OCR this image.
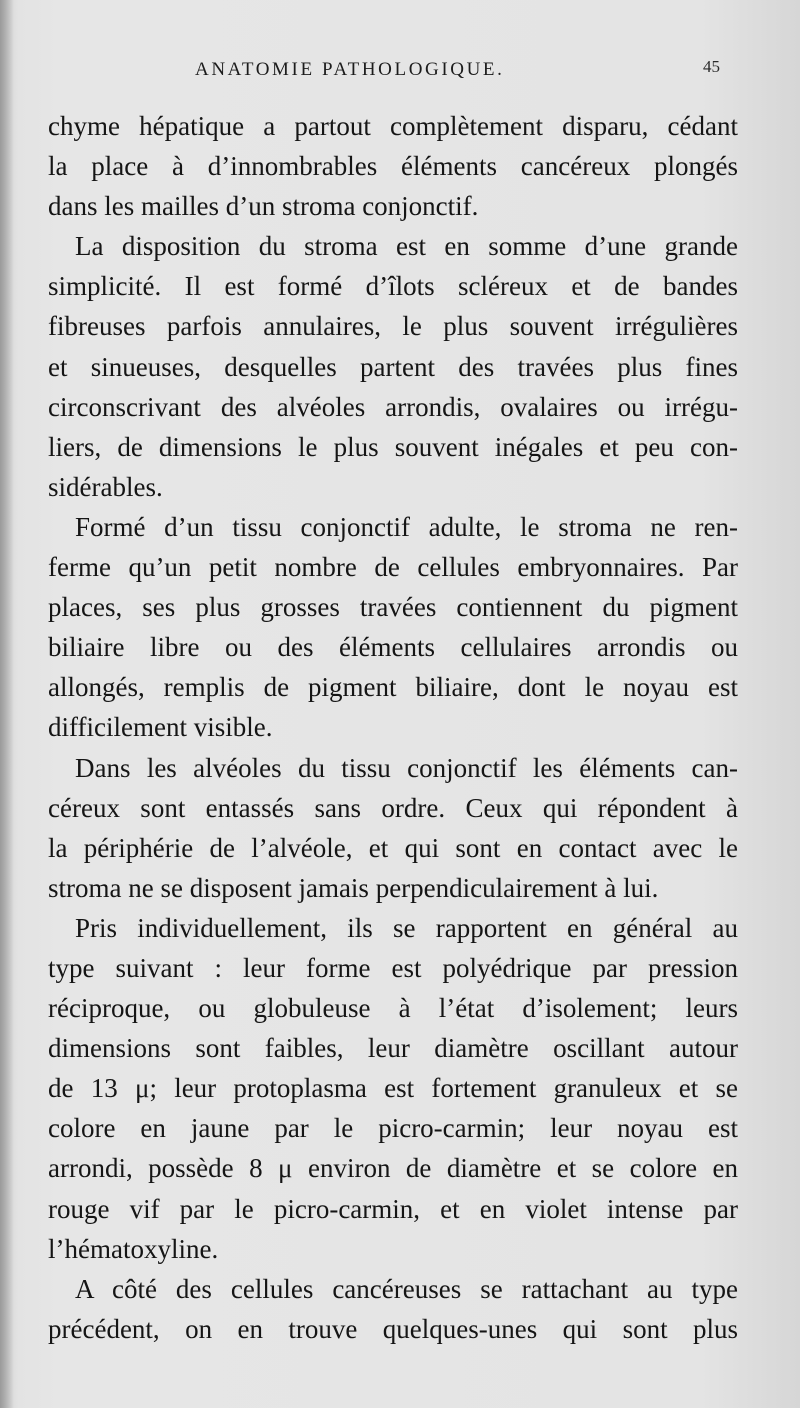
ANATOMIE PATHOLOGIQUE.	45
chyme hépatique a partout complètement disparu, cédant
la place à d’innombrables éléments cancéreux plongés
dans les mailles d’un stroma conjonctif.
La disposition du stroma est en somme d’une grande
simplicité. Il est formé d’îlots scléreux et de bandes
fibreuses parfois annulaires, le plus souvent irrégulières
et sinueuses, desquelles partent des travées plus fines
circonscrivant des alvéoles arrondis, ovalaires ou irrégu-
liers, de dimensions le plus souvent inégales et peu con-
sidérables.
Formé d’un tissu conjonctif adulte, le stroma ne ren-
ferme qu’un petit nombre de cellules embryonnaires. Par
places, ses plus grosses travées contiennent du pigment
biliaire libre ou des éléments cellulaires arrondis ou
allongés, remplis de pigment biliaire, dont le noyau est
difficilement visible.
Dans les alvéoles du tissu conjonctif les éléments can-
céreux sont entassés sans ordre. Ceux qui répondent à
la périphérie de l’alvéole, et qui sont en contact avec le
stroma ne se disposent jamais perpendiculairement à lui.
Pris individuellement, ils se rapportent en général au
type suivant : leur forme est polyédrique par pression
réciproque, ou globuleuse à l’état d’isolement; leurs
dimensions sont faibles, leur diamètre oscillant autour
de 13 μ; leur protoplasma est fortement granuleux et se
colore en jaune par le picro-carmin; leur noyau est
arrondi, possède 8 μ environ de diamètre et se colore en
rouge vif par le picro-carmin, et en violet intense par
l’hématoxyline.
A côté des cellules cancéreuses se rattachant au type
précédent, on en trouve quelques-unes qui sont plus
